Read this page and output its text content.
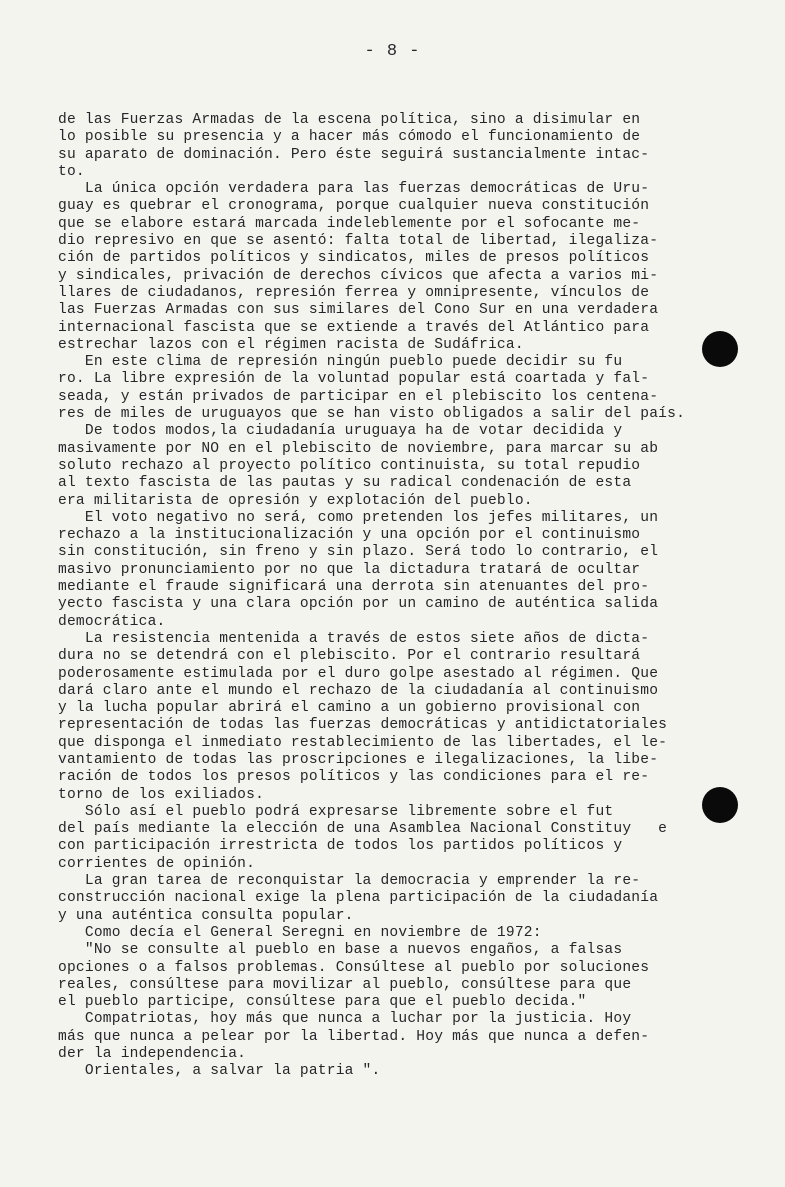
- 8 -
de las Fuerzas Armadas de la escena política, sino a disimular en
lo posible su presencia y a hacer más cómodo el funcionamiento de
su aparato de dominación. Pero éste seguirá sustancialmente intac-
to.
La única opción verdadera para las fuerzas democráticas de Uru-
guay es quebrar el cronograma, porque cualquier nueva constitución
que se elabore estará marcada indeleblemente por el sofocante me-
dio represivo en que se asentó: falta total de libertad, ilegaliza-
ción de partidos políticos y sindicatos, miles de presos políticos
y sindicales, privación de derechos cívicos que afecta a varios mi-
llares de ciudadanos, represión ferrea y omnipresente, vínculos de
las Fuerzas Armadas con sus similares del Cono Sur en una verdadera
internacional fascista que se extiende a través del Atlántico para
estrechar lazos con el régimen racista de Sudáfrica.
En este clima de represión ningún pueblo puede decidir su fu
ro. La libre expresión de la voluntad popular está coartada y fal-
seada, y están privados de participar en el plebiscito los centena-
res de miles de uruguayos que se han visto obligados a salir del país.
De todos modos,la ciudadanía uruguaya ha de votar decidida y
masivamente por NO en el plebiscito de noviembre, para marcar su ab
soluto rechazo al proyecto político continuista, su total repudio
al texto fascista de las pautas y su radical condenación de esta
era militarista de opresión y explotación del pueblo.
El voto negativo no será, como pretenden los jefes militares, un
rechazo a la institucionalización y una opción por el continuismo
sin constitución, sin freno y sin plazo. Será todo lo contrario, el
masivo pronunciamiento por no que la dictadura tratará de ocultar
mediante el fraude significará una derrota sin atenuantes del pro-
yecto fascista y una clara opción por un camino de auténtica salida
democrática.
La resistencia mentenida a través de estos siete años de dicta-
dura no se detendrá con el plebiscito. Por el contrario resultará
poderosamente estimulada por el duro golpe asestado al régimen. Que
dará claro ante el mundo el rechazo de la ciudadanía al continuismo
y la lucha popular abrirá el camino a un gobierno provisional con
representación de todas las fuerzas democráticas y antidictatoriales
que disponga el inmediato restablecimiento de las libertades, el le-
vantamiento de todas las proscripciones e ilegalizaciones, la libe-
ración de todos los presos políticos y las condiciones para el re-
torno de los exiliados.
Sólo así el pueblo podrá expresarse libremente sobre el fut
del país mediante la elección de una Asamblea Nacional Constituy   e
con participación irrestricta de todos los partidos políticos y
corrientes de opinión.
La gran tarea de reconquistar la democracia y emprender la re-
construcción nacional exige la plena participación de la ciudadanía
y una auténtica consulta popular.
Como decía el General Seregni en noviembre de 1972:
"No se consulte al pueblo en base a nuevos engaños, a falsas
opciones o a falsos problemas. Consúltese al pueblo por soluciones
reales, consúltese para movilizar al pueblo, consúltese para que
el pueblo participe, consúltese para que el pueblo decida."
Compatriotas, hoy más que nunca a luchar por la justicia. Hoy
más que nunca a pelear por la libertad. Hoy más que nunca a defen-
der la independencia.
Orientales, a salvar la patria ".
